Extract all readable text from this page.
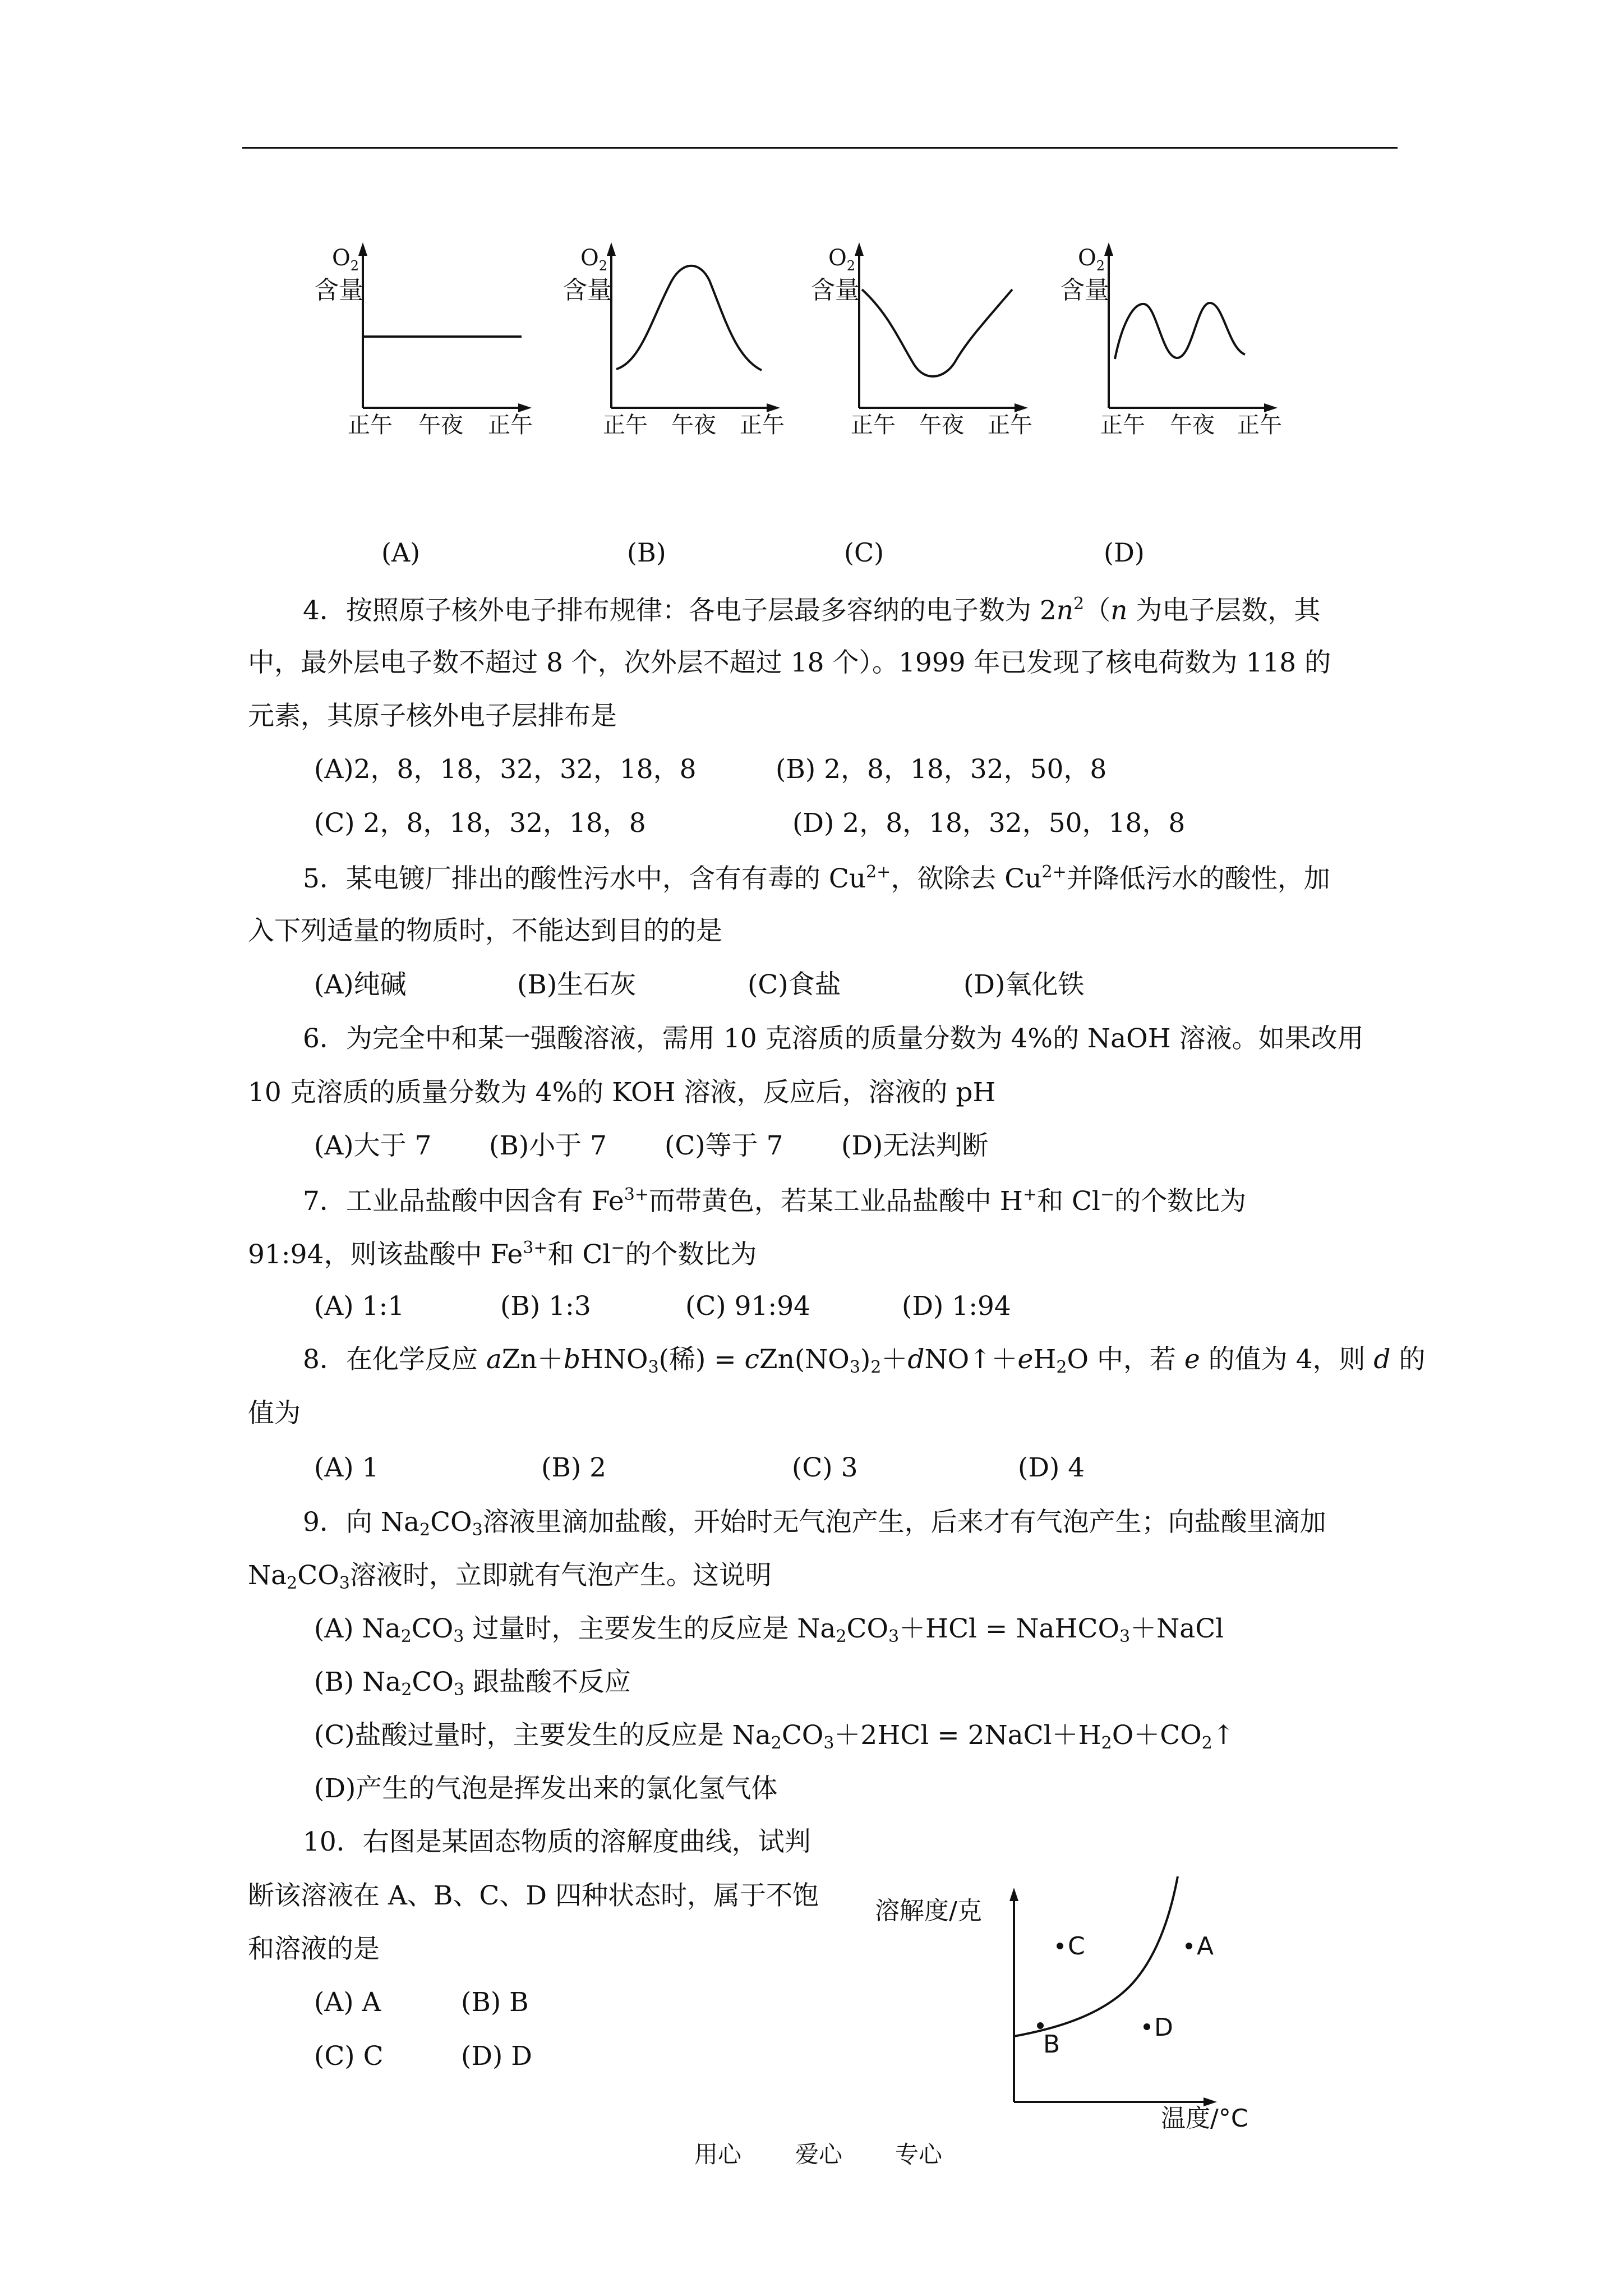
$O_2$
含量
正午 午夜 正午
$O_2$
含量
正午 午夜 正午
$O_2$
含量
正午 午夜 正午
$O_2$
含量
正午 午夜 正午
(A)	(B)	(C)	(D)
4．按照原子核外电子排布规律：各电子层最多容纳的电子数为 $2n^2(n$ 为电子层数，其
中，最外层电子数不超过 8 个，次外层不超过 18 个）。1999 年已发现了核电荷数为 118 的
元素，其原子核外电子层排布是
(A)2，8，18，32，32，18，8	(B) 2，8，18，32，50，8
(C) 2，8，18，32，18，8	(D) 2，8，18，32，50，18，8
5．某电镀厂排出的酸性污水中，含有有毒的 $Cu^{2+}$，欲除去 $Cu^{2+}$并降低污水的酸性，加
入下列适量的物质时，不能达到目的的是
(A)纯碱	(B)生石灰	(C)食盐	(D)氧化铁
6．为完全中和某一强酸溶液，需用 10 克溶质的质量分数为 4%的 NaOH 溶液。如果改用
10 克溶质的质量分数为 4%的 KOH 溶液，反应后，溶液的 pH
(A)大于 7 (B)小于 7 (C)等于 7 (D)无法判断
7．工业品盐酸中因含有 $Fe^{3+}$而带黄色，若某工业品盐酸中 H+和 Cl−的个数比为
91:94，则该盐酸中 $Fe^{3+}$和 Cl−的个数比为
(A) 1:1	(B) 1:3	(C) 91:94	(D) 1:94
8．在化学反应 aZn＋bHNO$_3$(稀) = $cZn(NO_3)_2+dNO↑+eH_2O$ 中，若 e 的值为 4，则 d 的
值为
(A) 1	(B) 2	(C) 3	(D) 4
9．向 $Na_2CO_3$溶液里滴加盐酸，开始时无气泡产生，后来才有气泡产生；向盐酸里滴加
$Na_2CO_3$溶液时，立即就有气泡产生。这说明
(A) $Na_2CO_3$ 过量时，主要发生的反应是 $Na_2CO_3+HCl$ = NaHCO$_3$＋NaCl
(B) $Na_2CO_3$ 跟盐酸不反应
(C)盐酸过量时，主要发生的反应是 $Na_2CO_3+2HCl$ = $2NaCl+H_2O+CO_2↑$
(D)产生的气泡是挥发出来的氯化氢气体
10．右图是某固态物质的溶解度曲线，试判
断该溶液在 A、B、C、D 四种状态时，属于不饱
和溶液的是
(A) A	(B) B
(C) C	(D) D
溶解度/克
温度/°C
C	A
B
D
用心 爱心 专心
